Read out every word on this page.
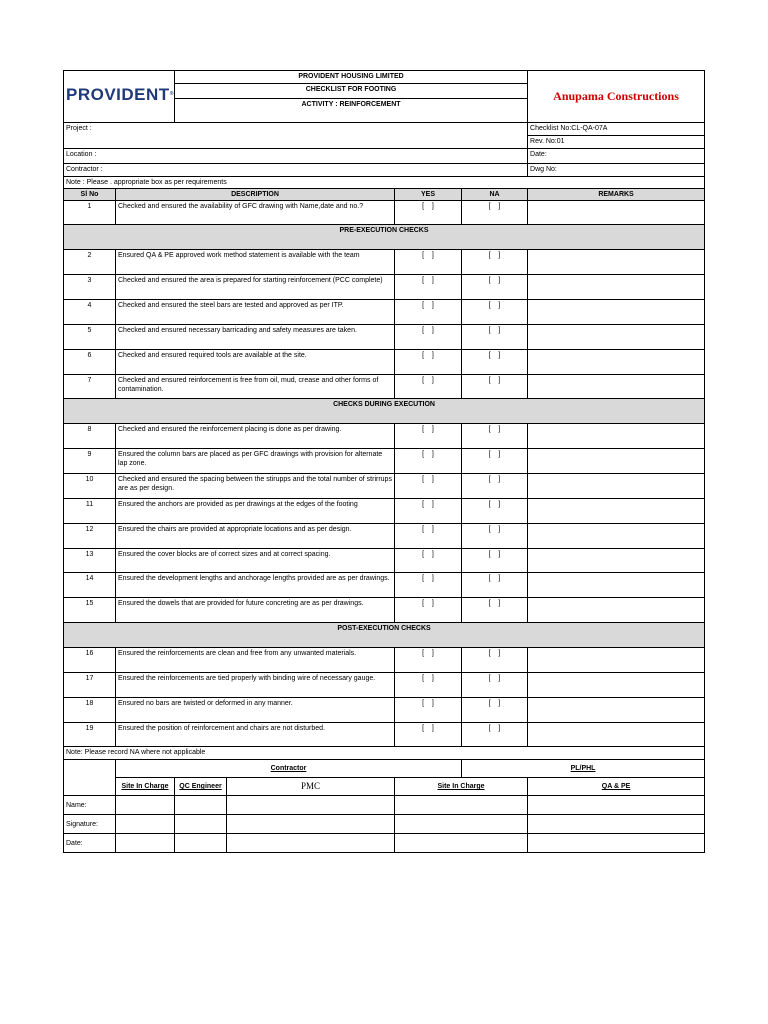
PROVIDENT®		PROVIDENT HOUSING LIMITED				Anupama Constructions
		CHECKLIST FOR FOOTING				
		ACTIVITY : REINFORCEMENT				
Project :						Checklist No:CL-QA-07A
						Rev. No:01
Location :						Date:
Contractor :						Dwg No:
Note : Please . appropriate box as per requirements						
Sl No	DESCRIPTION			YES	NA	REMARKS
1	Checked and ensured the availability of GFC drawing with Name,date and no.?			[    ]	[    ]	
PRE-EXECUTION CHECKS						
2	Ensured QA & PE approved work method statement is available with the team			[    ]	[    ]	
3	Checked and ensured the area is prepared for starting reinforcement (PCC complete)			[    ]	[    ]	
4	Checked and ensured the steel bars are tested and approved as per ITP.			[    ]	[    ]	
5	Checked and ensured necessary barricading and safety measures are taken.			[    ]	[    ]	
6	Checked and ensured required tools are available at the site.			[    ]	[    ]	
7	Checked and ensured reinforcement is free from oil, mud, crease and other forms of contamination.			[    ]	[    ]	
CHECKS DURING EXECUTION						
8	Checked and ensured the reinforcement placing is done as per drawing.			[    ]	[    ]	
9	Ensured the column bars are placed as per GFC drawings with provision for alternate lap zone.			[    ]	[    ]	
10	Checked and ensured the spacing between the stirupps and the total number of strirrups are as per design.			[    ]	[    ]	
11	Ensured the anchors are provided as per drawings at the edges of the footing			[    ]	[    ]	
12	Ensured the chairs are provided at appropriate locations and as per design.			[    ]	[    ]	
13	Ensured the cover blocks are of correct sizes and at correct spacing.			[    ]	[    ]	
14	Ensured the development lengths and anchorage lengths provided are as per drawings.			[    ]	[    ]	
15	Ensured the dowels that are provided for future concreting are as per drawings.			[    ]	[    ]	
POST-EXECUTION CHECKS						
16	Ensured the reinforcements are clean and free from any unwanted materials.			[    ]	[    ]	
17	Ensured the reinforcements are tied properly with binding wire of necessary gauge.			[    ]	[    ]	
18	Ensured no bars are twisted or deformed in any manner.			[    ]	[    ]	
19	Ensured the position of reinforcement and chairs are not disturbed.			[    ]	[    ]	
Note: Please record NA where not applicable						
	Contractor				PL/PHL	
	Site In Charge	QC Engineer	PMC	Site In Charge		QA & PE
Name:						
Signature:						
Date:						
